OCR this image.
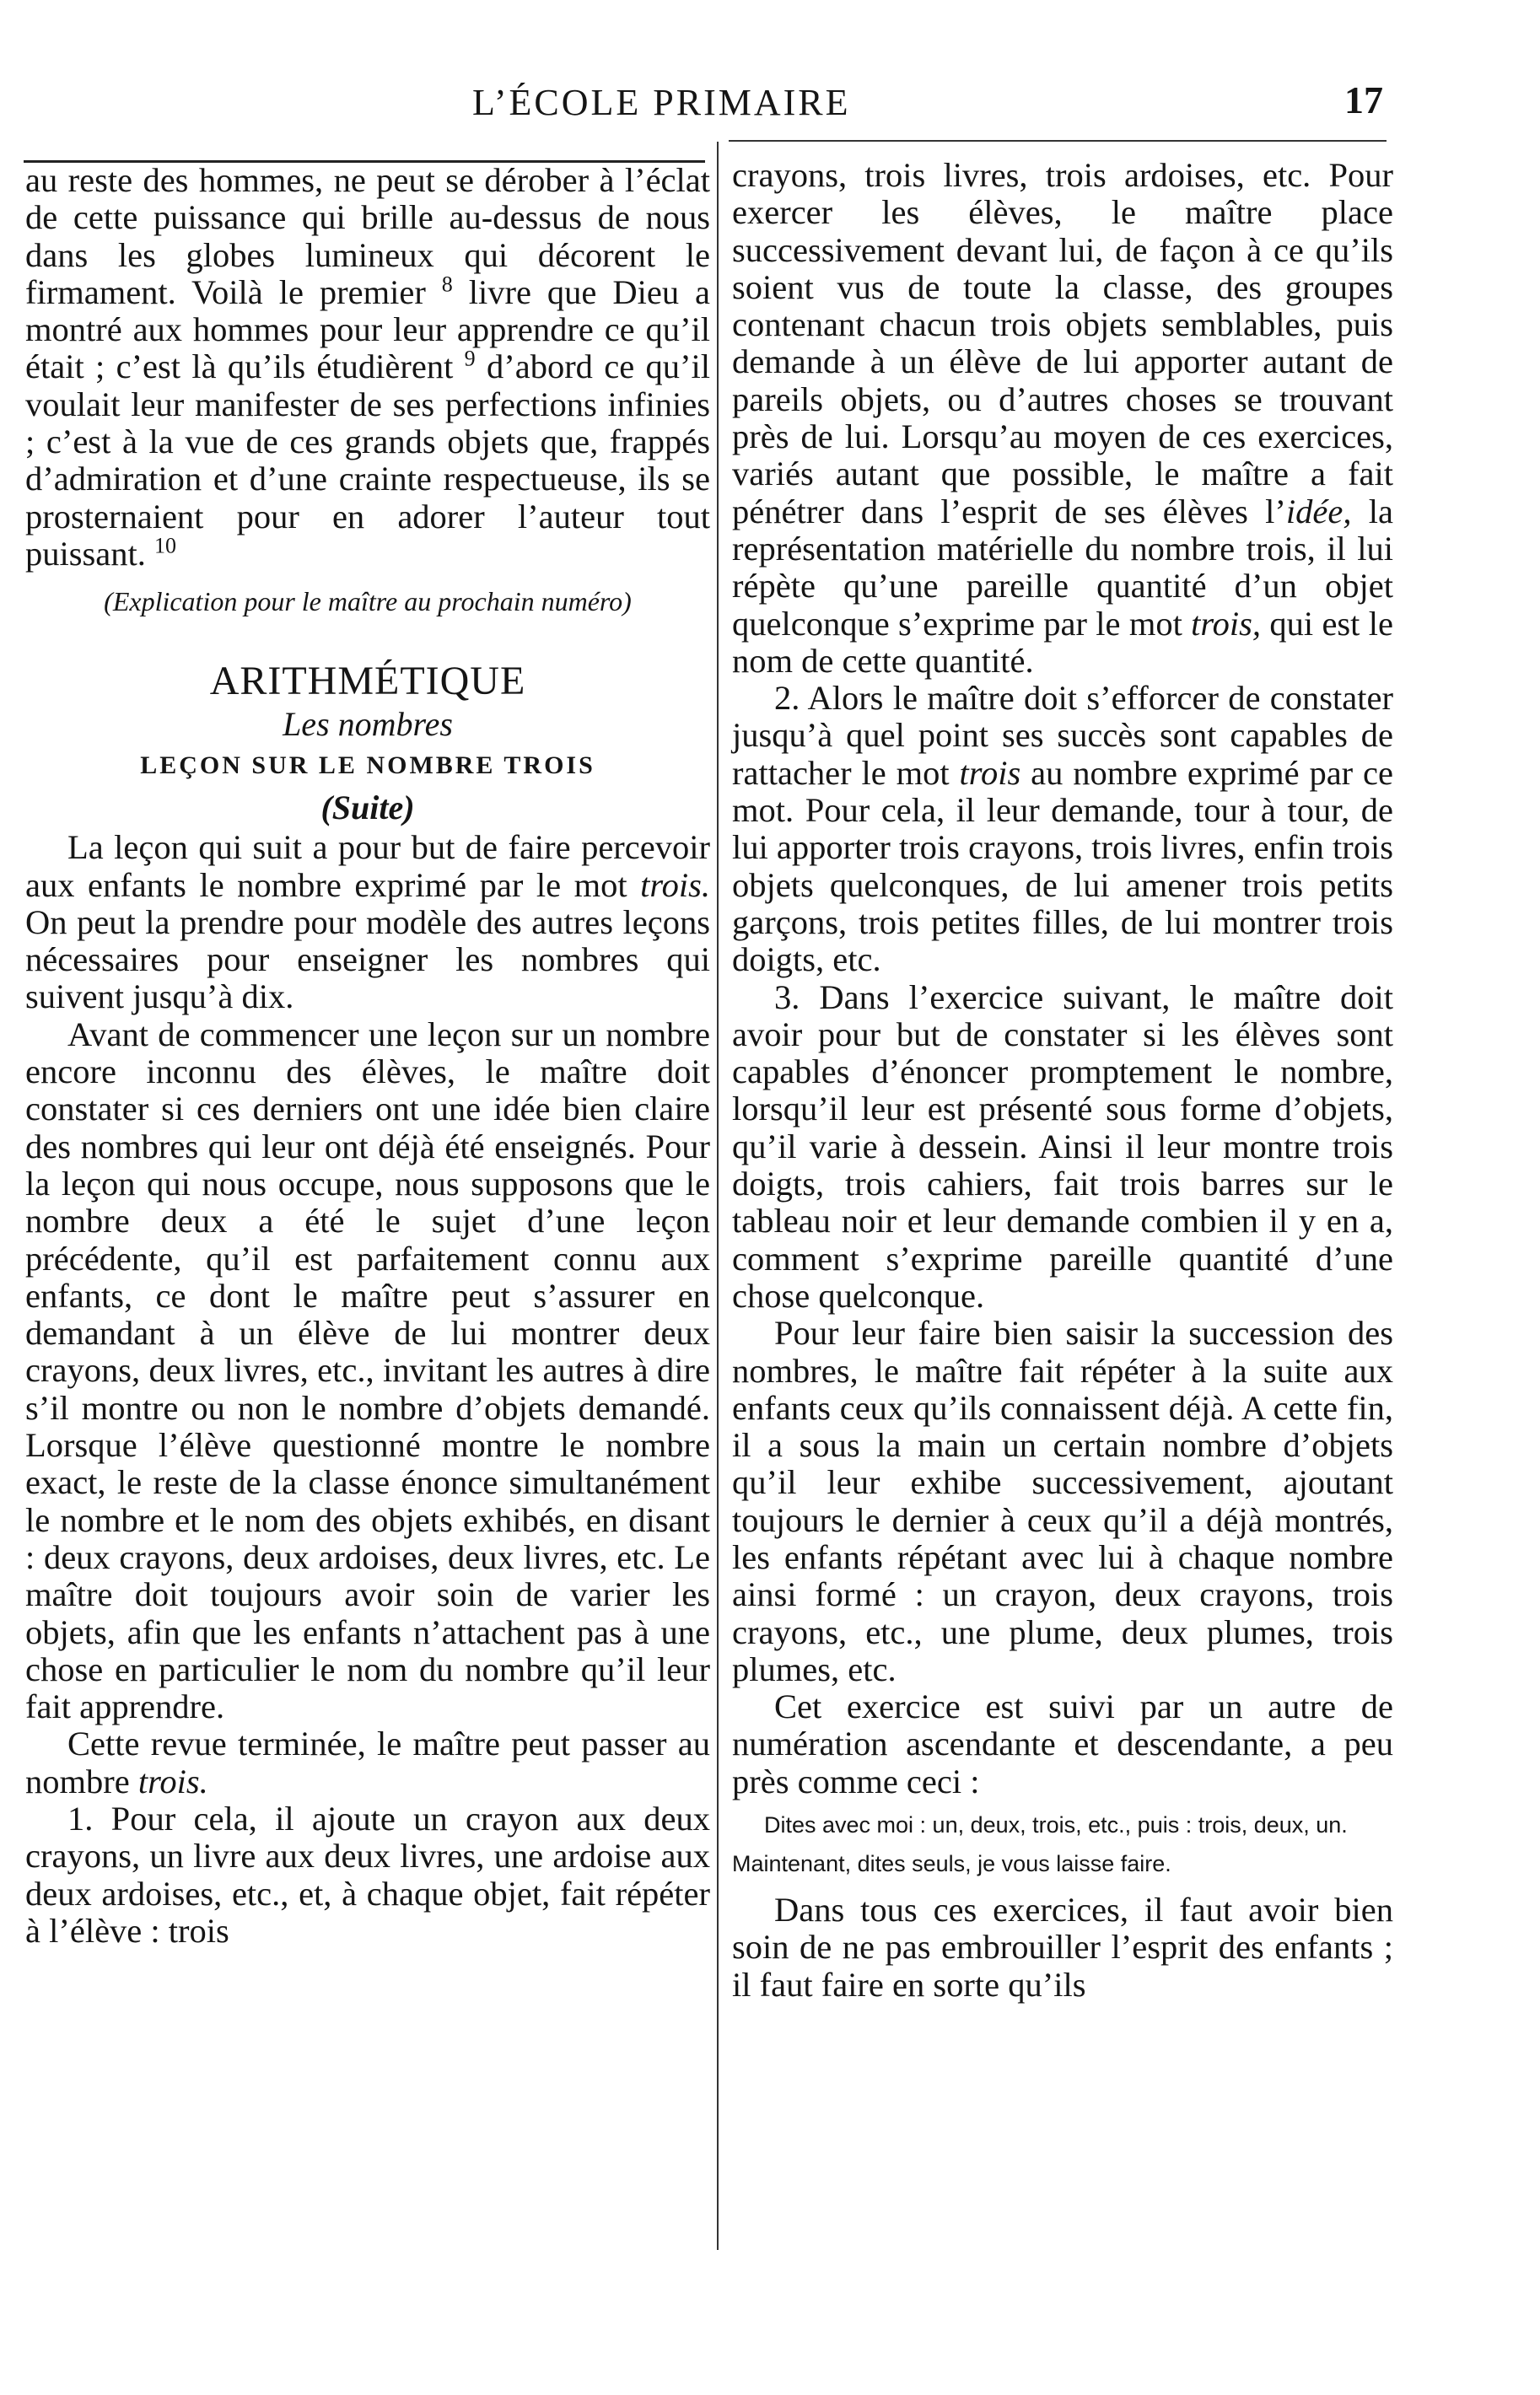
L’ÉCOLE PRIMAIRE	17

au reste des hommes, ne peut se dérober à l’éclat de cette puissance qui brille au-dessus de nous dans les globes lumineux qui décorent le firmament. Voilà le premier $^8$ livre que Dieu a montré aux hommes pour leur apprendre ce qu’il était ; c’est là qu’ils étudièrent $^9$ d’abord ce qu’il voulait leur manifester de ses perfections infinies ; c’est à la vue de ces grands objets que, frappés d’admiration et d’une crainte respectueuse, ils se prosternaient pour en adorer l’auteur tout puissant. $^{10}$

(Explication pour le maître au prochain numéro)

ARITHMÉTIQUE

Les nombres

LEÇON SUR LE NOMBRE TROIS

(Suite)

La leçon qui suit a pour but de faire percevoir aux enfants le nombre exprimé par le mot trois. On peut la prendre pour modèle des autres leçons nécessaires pour enseigner les nombres qui suivent jusqu’à dix.

Avant de commencer une leçon sur un nombre encore inconnu des élèves, le maître doit constater si ces derniers ont une idée bien claire des nombres qui leur ont déjà été enseignés. Pour la leçon qui nous occupe, nous supposons que le nombre deux a été le sujet d’une leçon précédente, qu’il est parfaitement connu aux enfants, ce dont le maître peut s’assurer en demandant à un élève de lui montrer deux crayons, deux livres, etc., invitant les autres à dire s’il montre ou non le nombre d’objets demandé. Lorsque l’élève questionné montre le nombre exact, le reste de la classe énonce simultanément le nombre et le nom des objets exhibés, en disant : deux crayons, deux ardoises, deux livres, etc. Le maître doit toujours avoir soin de varier les objets, afin que les enfants n’attachent pas à une chose en particulier le nom du nombre qu’il leur fait apprendre.

Cette revue terminée, le maître peut passer au nombre trois.

1. Pour cela, il ajoute un crayon aux deux crayons, un livre aux deux livres, une ardoise aux deux ardoises, etc., et, à chaque objet, fait répéter à l’élève : trois

crayons, trois livres, trois ardoises, etc. Pour exercer les élèves, le maître place successivement devant lui, de façon à ce qu’ils soient vus de toute la classe, des groupes contenant chacun trois objets semblables, puis demande à un élève de lui apporter autant de pareils objets, ou d’autres choses se trouvant près de lui. Lorsqu’au moyen de ces exercices, variés autant que possible, le maître a fait pénétrer dans l’esprit de ses élèves l’idée, la représentation matérielle du nombre trois, il lui répète qu’une pareille quantité d’un objet quelconque s’exprime par le mot trois, qui est le nom de cette quantité.

2. Alors le maître doit s’efforcer de constater jusqu’à quel point ses succès sont capables de rattacher le mot trois au nombre exprimé par ce mot. Pour cela, il leur demande, tour à tour, de lui apporter trois crayons, trois livres, enfin trois objets quelconques, de lui amener trois petits garçons, trois petites filles, de lui montrer trois doigts, etc.

3. Dans l’exercice suivant, le maître doit avoir pour but de constater si les élèves sont capables d’énoncer promptement le nombre, lorsqu’il leur est présenté sous forme d’objets, qu’il varie à dessein. Ainsi il leur montre trois doigts, trois cahiers, fait trois barres sur le tableau noir et leur demande combien il y en a, comment s’exprime pareille quantité d’une chose quelconque.

Pour leur faire bien saisir la succession des nombres, le maître fait répéter à la suite aux enfants ceux qu’ils connaissent déjà. A cette fin, il a sous la main un certain nombre d’objets qu’il leur exhibe successivement, ajoutant toujours le dernier à ceux qu’il a déjà montrés, les enfants répétant avec lui à chaque nombre ainsi formé : un crayon, deux crayons, trois crayons, etc., une plume, deux plumes, trois plumes, etc.

Cet exercice est suivi par un autre de numération ascendante et descendante, a peu près comme ceci :

Dites avec moi : un, deux, trois, etc., puis : trois, deux, un. Maintenant, dites seuls, je vous laisse faire.

Dans tous ces exercices, il faut avoir bien soin de ne pas embrouiller l’esprit des enfants ; il faut faire en sorte qu’ils
